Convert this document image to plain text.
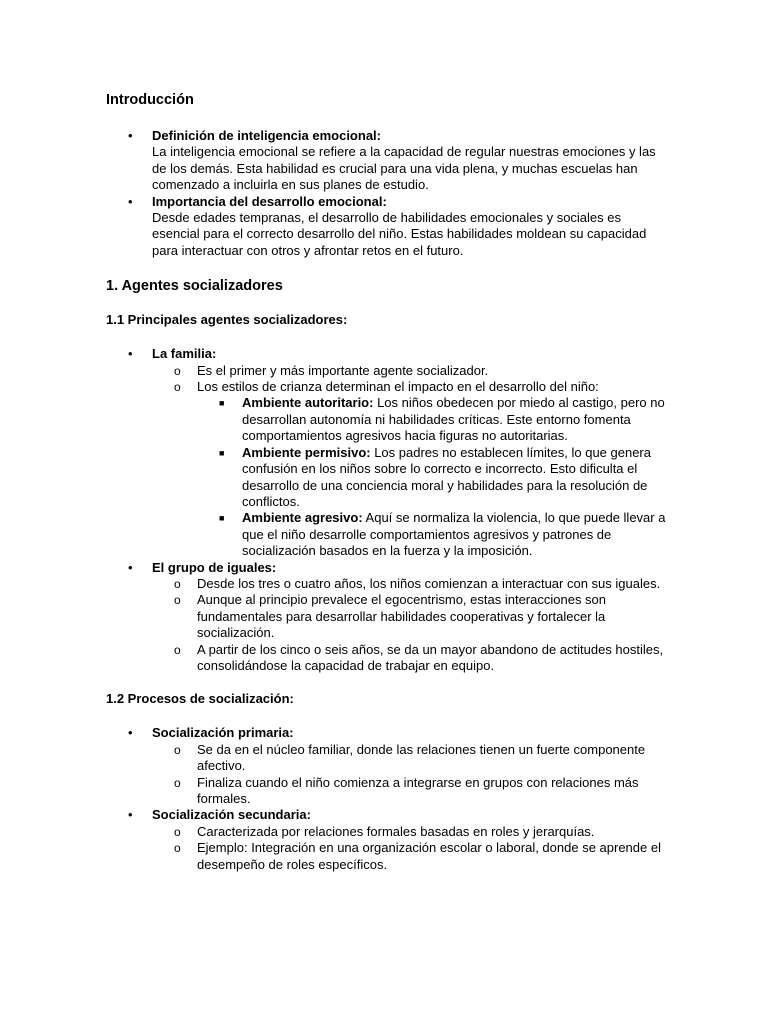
Introducción
• Definición de inteligencia emocional:
La inteligencia emocional se refiere a la capacidad de regular nuestras emociones y las de los demás. Esta habilidad es crucial para una vida plena, y muchas escuelas han comenzado a incluirla en sus planes de estudio.
• Importancia del desarrollo emocional:
Desde edades tempranas, el desarrollo de habilidades emocionales y sociales es esencial para el correcto desarrollo del niño. Estas habilidades moldean su capacidad para interactuar con otros y afrontar retos en el futuro.
1. Agentes socializadores
1.1 Principales agentes socializadores:
• La familia:
o Es el primer y más importante agente socializador.
o Los estilos de crianza determinan el impacto en el desarrollo del niño:
■ Ambiente autoritario: Los niños obedecen por miedo al castigo, pero no desarrollan autonomía ni habilidades críticas. Este entorno fomenta comportamientos agresivos hacia figuras no autoritarias.
■ Ambiente permisivo: Los padres no establecen límites, lo que genera confusión en los niños sobre lo correcto e incorrecto. Esto dificulta el desarrollo de una conciencia moral y habilidades para la resolución de conflictos.
■ Ambiente agresivo: Aquí se normaliza la violencia, lo que puede llevar a que el niño desarrolle comportamientos agresivos y patrones de socialización basados en la fuerza y la imposición.
• El grupo de iguales:
o Desde los tres o cuatro años, los niños comienzan a interactuar con sus iguales.
o Aunque al principio prevalece el egocentrismo, estas interacciones son fundamentales para desarrollar habilidades cooperativas y fortalecer la socialización.
o A partir de los cinco o seis años, se da un mayor abandono de actitudes hostiles, consolidándose la capacidad de trabajar en equipo.
1.2 Procesos de socialización:
• Socialización primaria:
o Se da en el núcleo familiar, donde las relaciones tienen un fuerte componente afectivo.
o Finaliza cuando el niño comienza a integrarse en grupos con relaciones más formales.
• Socialización secundaria:
o Caracterizada por relaciones formales basadas en roles y jerarquías.
o Ejemplo: Integración en una organización escolar o laboral, donde se aprende el desempeño de roles específicos.
